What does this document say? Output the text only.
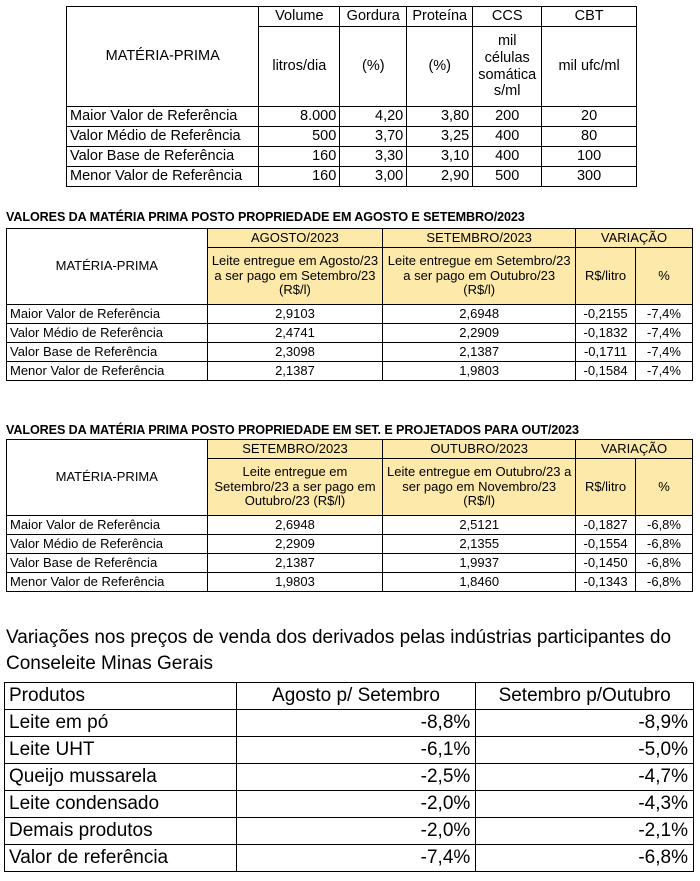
MATÉRIA-PRIMA	Volume	Gordura	Proteína	CCS	CBT
	litros/dia	(%)	(%)	mil células somática s/ml	mil ufc/ml
Maior Valor de Referência	8.000	4,20	3,80	200	20
Valor Médio de Referência	500	3,70	3,25	400	80
Valor Base de Referência	160	3,30	3,10	400	100
Menor Valor de Referência	160	3,00	2,90	500	300
VALORES DA MATÉRIA PRIMA POSTO PROPRIEDADE EM AGOSTO E SETEMBRO/2023
MATÉRIA-PRIMA	AGOSTO/2023	SETEMBRO/2023	VARIAÇÃO	
	Leite entregue em Agosto/23 a ser pago em Setembro/23 (R$/l)	Leite entregue em Setembro/23 a ser pago em Outubro/23 (R$/l)	R$/litro	%
Maior Valor de Referência	2,9103	2,6948	-0,2155	-7,4%
Valor Médio de Referência	2,4741	2,2909	-0,1832	-7,4%
Valor Base de Referência	2,3098	2,1387	-0,1711	-7,4%
Menor Valor de Referência	2,1387	1,9803	-0,1584	-7,4%
VALORES DA MATÉRIA PRIMA POSTO PROPRIEDADE EM SET. E PROJETADOS PARA OUT/2023
MATÉRIA-PRIMA	SETEMBRO/2023	OUTUBRO/2023	VARIAÇÃO	
	Leite entregue em Setembro/23 a ser pago em Outubro/23 (R$/l)	Leite entregue em Outubro/23 a ser pago em Novembro/23 (R$/l)	R$/litro	%
Maior Valor de Referência	2,6948	2,5121	-0,1827	-6,8%
Valor Médio de Referência	2,2909	2,1355	-0,1554	-6,8%
Valor Base de Referência	2,1387	1,9937	-0,1450	-6,8%
Menor Valor de Referência	1,9803	1,8460	-0,1343	-6,8%
Variações nos preços de venda dos derivados pelas indústrias participantes do Conseleite Minas Gerais
Produtos	Agosto p/ Setembro	Setembro p/Outubro
Leite em pó	-8,8%	-8,9%
Leite UHT	-6,1%	-5,0%
Queijo mussarela	-2,5%	-4,7%
Leite condensado	-2,0%	-4,3%
Demais produtos	-2,0%	-2,1%
Valor de referência	-7,4%	-6,8%
